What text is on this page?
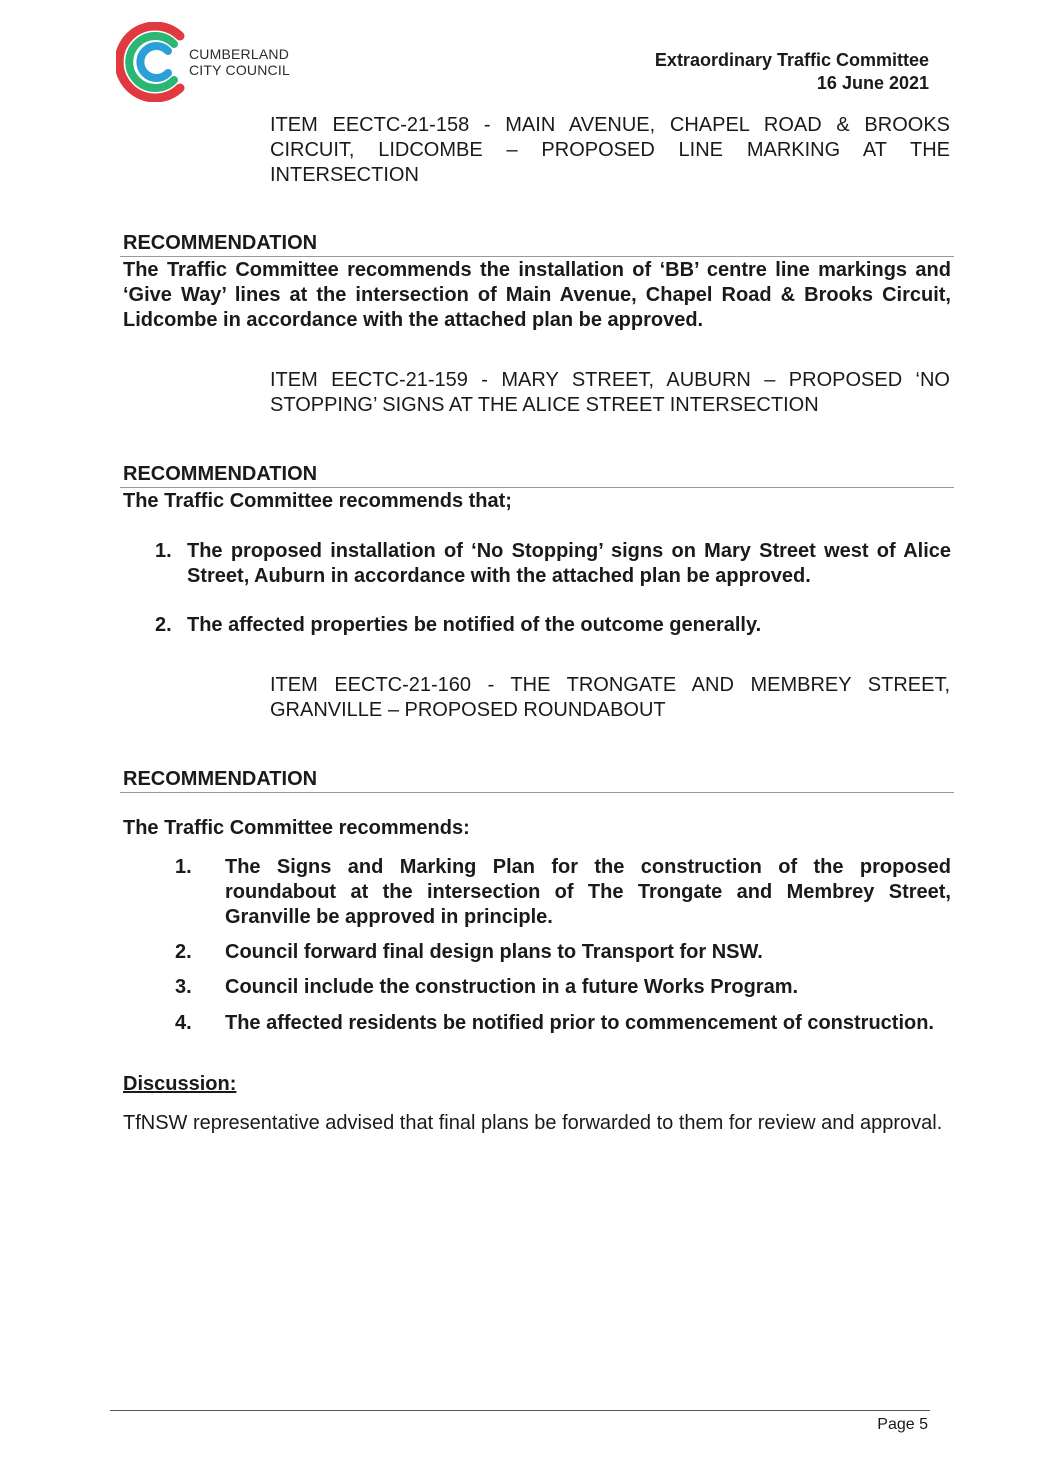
CUMBERLAND
CITY COUNCIL	Extraordinary Traffic Committee
16 June 2021
ITEM EECTC-21-158 - MAIN AVENUE, CHAPEL ROAD & BROOKS CIRCUIT, LIDCOMBE – PROPOSED LINE MARKING AT THE INTERSECTION
RECOMMENDATION
The Traffic Committee recommends the installation of ‘BB’ centre line markings and ‘Give Way’ lines at the intersection of Main Avenue, Chapel Road & Brooks Circuit, Lidcombe in accordance with the attached plan be approved.
ITEM EECTC-21-159 - MARY STREET, AUBURN – PROPOSED ‘NO STOPPING’ SIGNS AT THE ALICE STREET INTERSECTION
RECOMMENDATION
The Traffic Committee recommends that;
1. The proposed installation of ‘No Stopping’ signs on Mary Street west of Alice Street, Auburn in accordance with the attached plan be approved.
2. The affected properties be notified of the outcome generally.
ITEM EECTC-21-160 - THE TRONGATE AND MEMBREY STREET, GRANVILLE – PROPOSED ROUNDABOUT
RECOMMENDATION
The Traffic Committee recommends:
1. The Signs and Marking Plan for the construction of the proposed roundabout at the intersection of The Trongate and Membrey Street, Granville be approved in principle.
2. Council forward final design plans to Transport for NSW.
3. Council include the construction in a future Works Program.
4. The affected residents be notified prior to commencement of construction.
Discussion:
TfNSW representative advised that final plans be forwarded to them for review and approval.
Page 5
